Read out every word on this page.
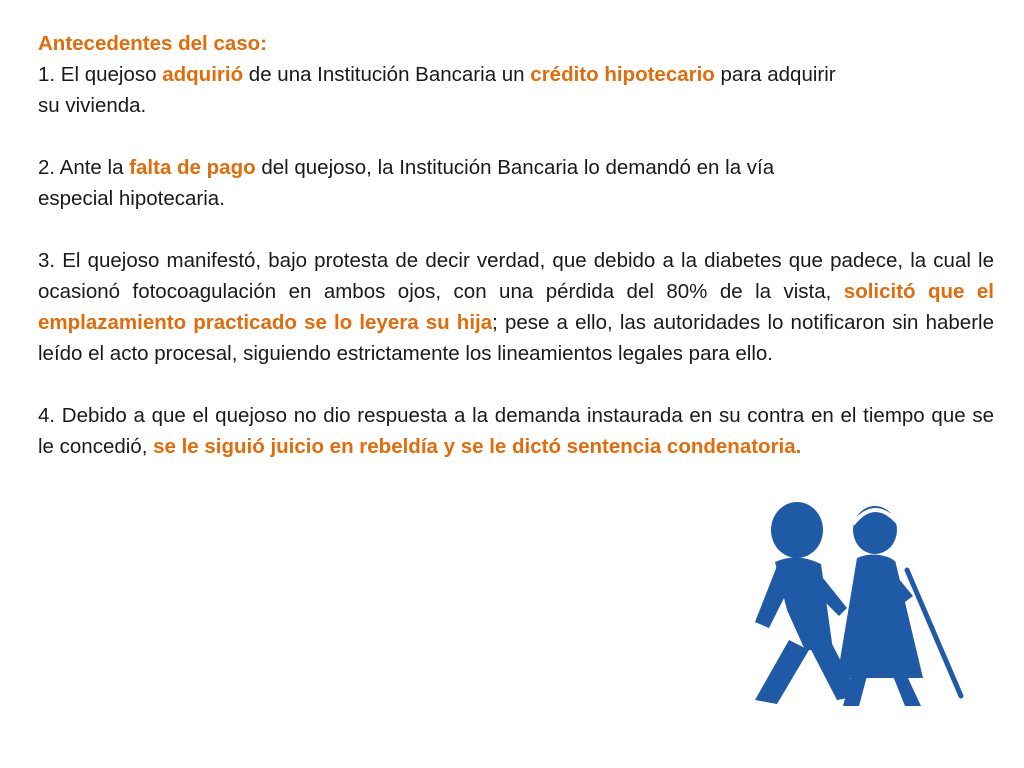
Antecedentes del caso:

1. El quejoso adquirió de una Institución Bancaria un crédito hipotecario para adquirir su vivienda.

2. Ante la falta de pago del quejoso, la Institución Bancaria lo demandó en la vía especial hipotecaria.

3. El quejoso manifestó, bajo protesta de decir verdad, que debido a la diabetes que padece, la cual le ocasionó fotocoagulación en ambos ojos, con una pérdida del 80% de la vista, solicitó que el emplazamiento practicado se lo leyera su hija; pese a ello, las autoridades lo notificaron sin haberle leído el acto procesal, siguiendo estrictamente los lineamientos legales para ello.

4. Debido a que el quejoso no dio respuesta a la demanda instaurada en su contra en el tiempo que se le concedió, se le siguió juicio en rebeldía y se le dictó sentencia condenatoria.
